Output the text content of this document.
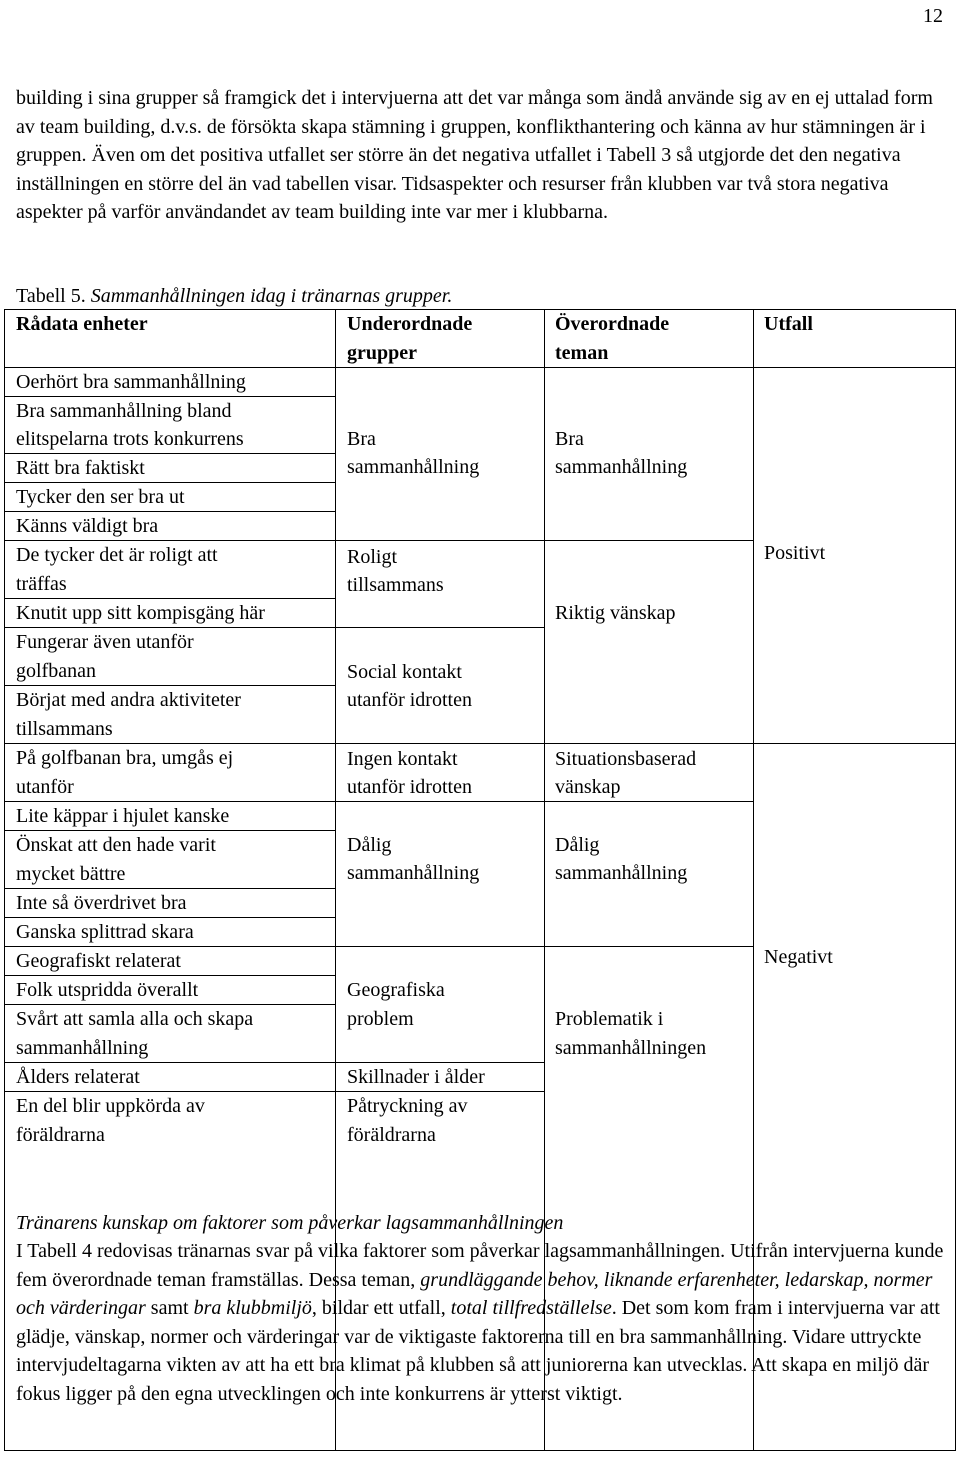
12

building i sina grupper så framgick det i intervjuerna att det var många som ändå använde sig av en ej uttalad form av team building, d.v.s. de försökta skapa stämning i gruppen, konflikthantering och känna av hur stämningen är i gruppen. Även om det positiva utfallet ser större än det negativa utfallet i Tabell 3 så utgjorde det den negativa inställningen en större del än vad tabellen visar. Tidsaspekter och resurser från klubben var två stora negativa aspekter på varför användandet av team building inte var mer i klubbarna.

Tabell 5. Sammanhållningen idag i tränarnas grupper.

Rådata enheter	Underordnade
grupper
Överordnade
teman
Utfall
Oerhört bra sammanhållning
Bra sammanhållning bland
elitspelarna trots konkurrens
Rätt bra faktiskt
Tycker den ser bra ut
Känns väldigt bra
De tycker det är roligt att
träffas
Knutit upp sitt kompisgäng här
Fungerar även utanför
golfbanan
Börjat med andra aktiviteter
tillsammans
På golfbanan bra, umgås ej
utanför
Lite käppar i hjulet kanske
Önskat att den hade varit
mycket bättre
Inte så överdrivet bra
Ganska splittrad skara
Geografiskt relaterat
Folk utspridda överallt
Svårt att samla alla och skapa
sammanhållning
Ålders relaterat
En del blir uppkörda av
föräldrarna
Bra
sammanhållning
Roligt
tillsammans
Social kontakt
utanför idrotten
Ingen kontakt
utanför idrotten
Dålig
sammanhållning
Geografiska
problem
Skillnader i ålder
Påtryckning av
föräldrarna
Bra
sammanhållning
Riktig vänskap
Situationsbaserad
vänskap
Dålig
sammanhållning
Problematik i
sammanhållningen
Positivt
Negativt
Tränarens kunskap om faktorer som påverkar lagsammanhållningen

I Tabell 4 redovisas tränarnas svar på vilka faktorer som påverkar lagsammanhållningen. Utifrån intervjuerna kunde fem överordnade teman framställas. Dessa teman, grundläggande behov, liknande erfarenheter, ledarskap, normer och värderingar samt bra klubbmiljö, bildar ett utfall, total tillfredställelse. Det som kom fram i intervjuerna var att glädje, vänskap, normer och värderingar var de viktigaste faktorerna till en bra sammanhållning. Vidare uttryckte intervjudeltagarna vikten av att ha ett bra klimat på klubben så att juniorerna kan utvecklas. Att skapa en miljö där fokus ligger på den egna utvecklingen och inte konkurrens är ytterst viktigt.
